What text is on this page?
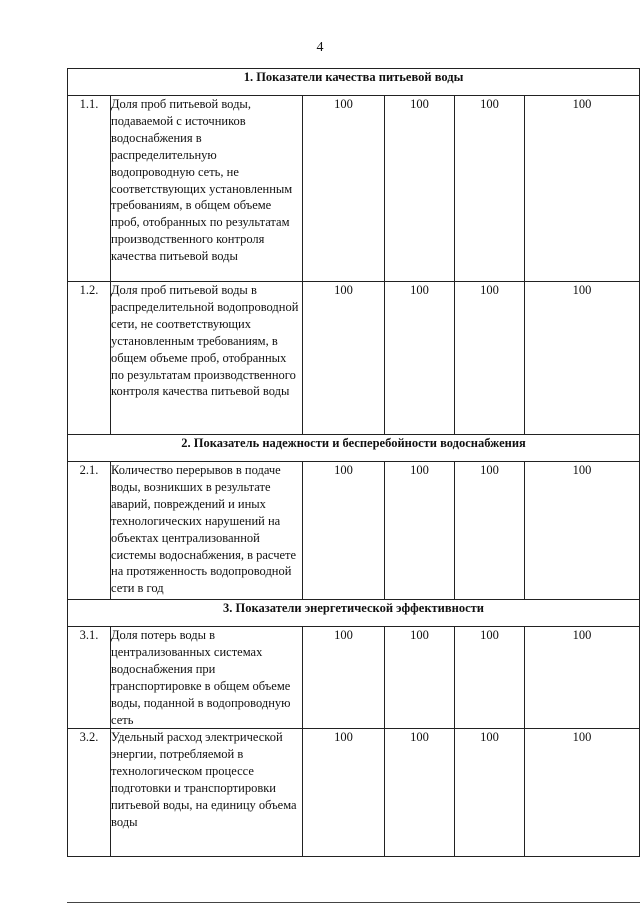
4
1. Показатели качества питьевой воды					
1.1.	Доля проб питьевой воды, подаваемой с источников водоснабжения в распределительную водопроводную сеть, не соответствующих установленным требованиям, в общем объеме проб, отобранных по результатам производственного контроля качества питьевой воды	100	100	100	100
1.2.	Доля проб питьевой воды в распределительной водопроводной сети, не соответствующих установленным требованиям, в общем объеме проб, отобранных по результатам производственного контроля качества питьевой воды	100	100	100	100
2. Показатель надежности и бесперебойности водоснабжения					
2.1.	Количество перерывов в подаче воды, возникших в результате аварий, повреждений и иных технологических нарушений на объектах централизованной системы водоснабжения, в расчете на протяженность водопроводной сети в год	100	100	100	100
3. Показатели энергетической эффективности					
3.1.	Доля потерь воды в централизованных системах водоснабжения при транспортировке в общем объеме воды, поданной в водопроводную сеть	100	100	100	100
3.2.	Удельный расход электрической энергии, потребляемой в технологическом процессе подготовки и транспортировки питьевой воды, на единицу объема воды	100	100	100	100
